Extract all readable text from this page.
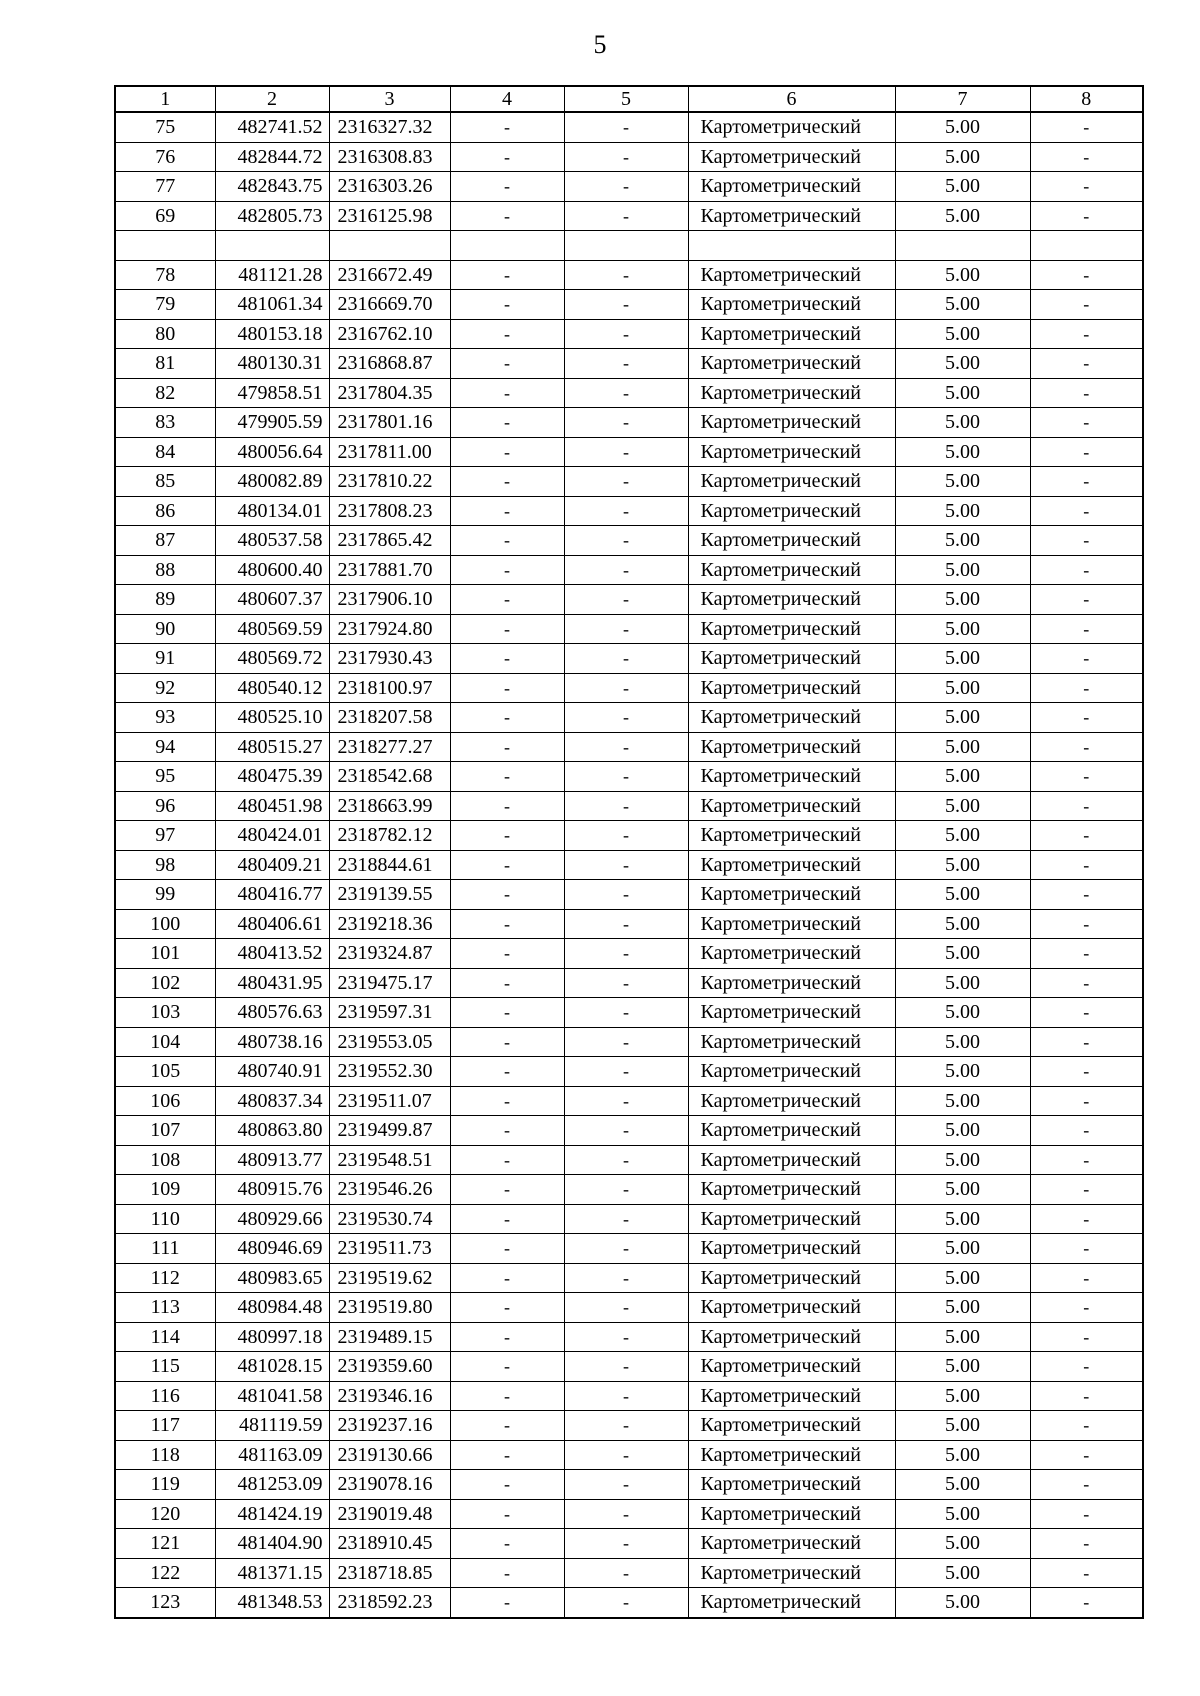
5
1	2	3	4	5	6	7	8
75	482741.52	2316327.32	-	-	Картометрический	5.00	-
76	482844.72	2316308.83	-	-	Картометрический	5.00	-
77	482843.75	2316303.26	-	-	Картометрический	5.00	-
69	482805.73	2316125.98	-	-	Картометрический	5.00	-

78	481121.28	2316672.49	-	-	Картометрический	5.00	-
79	481061.34	2316669.70	-	-	Картометрический	5.00	-
80	480153.18	2316762.10	-	-	Картометрический	5.00	-
81	480130.31	2316868.87	-	-	Картометрический	5.00	-
82	479858.51	2317804.35	-	-	Картометрический	5.00	-
83	479905.59	2317801.16	-	-	Картометрический	5.00	-
84	480056.64	2317811.00	-	-	Картометрический	5.00	-
85	480082.89	2317810.22	-	-	Картометрический	5.00	-
86	480134.01	2317808.23	-	-	Картометрический	5.00	-
87	480537.58	2317865.42	-	-	Картометрический	5.00	-
88	480600.40	2317881.70	-	-	Картометрический	5.00	-
89	480607.37	2317906.10	-	-	Картометрический	5.00	-
90	480569.59	2317924.80	-	-	Картометрический	5.00	-
91	480569.72	2317930.43	-	-	Картометрический	5.00	-
92	480540.12	2318100.97	-	-	Картометрический	5.00	-
93	480525.10	2318207.58	-	-	Картометрический	5.00	-
94	480515.27	2318277.27	-	-	Картометрический	5.00	-
95	480475.39	2318542.68	-	-	Картометрический	5.00	-
96	480451.98	2318663.99	-	-	Картометрический	5.00	-
97	480424.01	2318782.12	-	-	Картометрический	5.00	-
98	480409.21	2318844.61	-	-	Картометрический	5.00	-
99	480416.77	2319139.55	-	-	Картометрический	5.00	-
100	480406.61	2319218.36	-	-	Картометрический	5.00	-
101	480413.52	2319324.87	-	-	Картометрический	5.00	-
102	480431.95	2319475.17	-	-	Картометрический	5.00	-
103	480576.63	2319597.31	-	-	Картометрический	5.00	-
104	480738.16	2319553.05	-	-	Картометрический	5.00	-
105	480740.91	2319552.30	-	-	Картометрический	5.00	-
106	480837.34	2319511.07	-	-	Картометрический	5.00	-
107	480863.80	2319499.87	-	-	Картометрический	5.00	-
108	480913.77	2319548.51	-	-	Картометрический	5.00	-
109	480915.76	2319546.26	-	-	Картометрический	5.00	-
110	480929.66	2319530.74	-	-	Картометрический	5.00	-
111	480946.69	2319511.73	-	-	Картометрический	5.00	-
112	480983.65	2319519.62	-	-	Картометрический	5.00	-
113	480984.48	2319519.80	-	-	Картометрический	5.00	-
114	480997.18	2319489.15	-	-	Картометрический	5.00	-
115	481028.15	2319359.60	-	-	Картометрический	5.00	-
116	481041.58	2319346.16	-	-	Картометрический	5.00	-
117	481119.59	2319237.16	-	-	Картометрический	5.00	-
118	481163.09	2319130.66	-	-	Картометрический	5.00	-
119	481253.09	2319078.16	-	-	Картометрический	5.00	-
120	481424.19	2319019.48	-	-	Картометрический	5.00	-
121	481404.90	2318910.45	-	-	Картометрический	5.00	-
122	481371.15	2318718.85	-	-	Картометрический	5.00	-
123	481348.53	2318592.23	-	-	Картометрический	5.00	-
